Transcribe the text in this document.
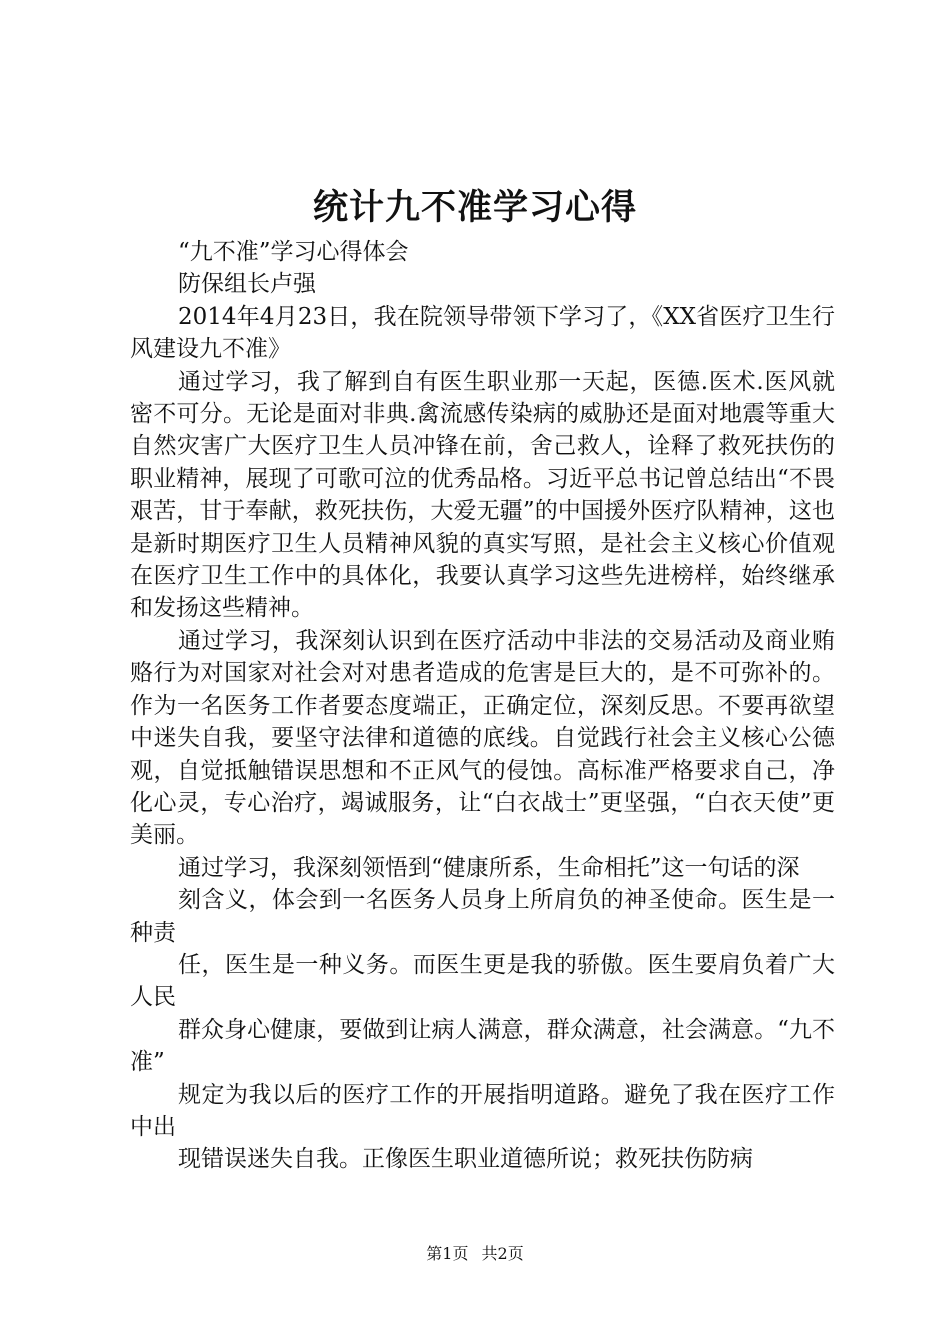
统计九不准学习心得

“九不准”学习心得体会

防保组长卢强

2014年4月23日，我在院领导带领下学习了，《XX省医疗卫生行风建设九不准》

通过学习，我了解到自有医生职业那一天起，医德.医术.医风就密不可分。无论是面对非典.禽流感传染病的威胁还是面对地震等重大自然灾害广大医疗卫生人员冲锋在前，舍己救人，诠释了救死扶伤的职业精神，展现了可歌可泣的优秀品格。习近平总书记曾总结出“不畏艰苦，甘于奉献，救死扶伤，大爱无疆”的中国援外医疗队精神，这也是新时期医疗卫生人员精神风貌的真实写照，是社会主义核心价值观在医疗卫生工作中的具体化，我要认真学习这些先进榜样，始终继承和发扬这些精神。

通过学习，我深刻认识到在医疗活动中非法的交易活动及商业贿赂行为对国家对社会对对患者造成的危害是巨大的，是不可弥补的。作为一名医务工作者要态度端正，正确定位，深刻反思。不要再欲望中迷失自我，要坚守法律和道德的底线。自觉践行社会主义核心公德观，自觉抵触错误思想和不正风气的侵蚀。高标准严格要求自己，净化心灵，专心治疗，竭诚服务，让“白衣战士”更坚强，“白衣天使”更美丽。

通过学习，我深刻领悟到“健康所系，生命相托”这一句话的深

刻含义，体会到一名医务人员身上所肩负的神圣使命。医生是一种责

任，医生是一种义务。而医生更是我的骄傲。医生要肩负着广大人民

群众身心健康，要做到让病人满意，群众满意，社会满意。“九不准”

规定为我以后的医疗工作的开展指明道路。避免了我在医疗工作中出

现错误迷失自我。正像医生职业道德所说；救死扶伤防病

第1页 共2页
